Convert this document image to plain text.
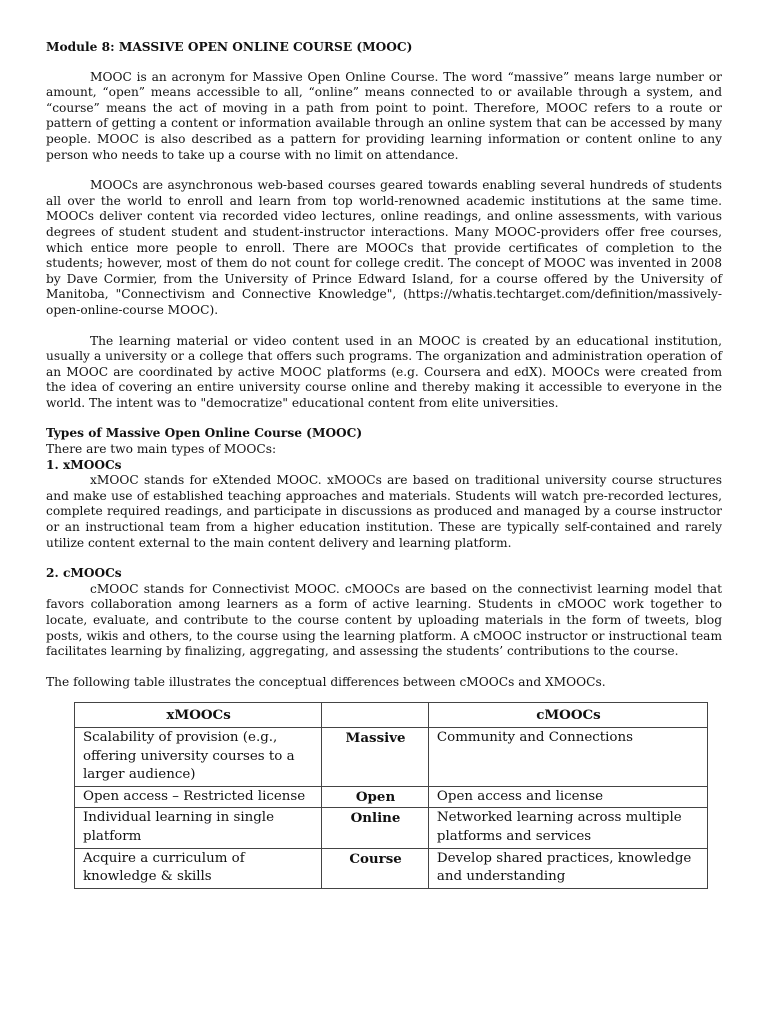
Module 8: MASSIVE OPEN ONLINE COURSE (MOOC)

MOOC is an acronym for Massive Open Online Course. The word “massive” means large number or amount, “open” means accessible to all, “online” means connected to or available through a system, and “course” means the act of moving in a path from point to point. Therefore, MOOC refers to a route or pattern of getting a content or information available through an online system that can be accessed by many people. MOOC is also described as a pattern for providing learning information or content online to any person who needs to take up a course with no limit on attendance.

MOOCs are asynchronous web-based courses geared towards enabling several hundreds of students all over the world to enroll and learn from top world-renowned academic institutions at the same time. MOOCs deliver content via recorded video lectures, online readings, and online assessments, with various degrees of student student and student-instructor interactions. Many MOOC-providers offer free courses, which entice more people to enroll. There are MOOCs that provide certificates of completion to the students; however, most of them do not count for college credit. The concept of MOOC was invented in 2008 by Dave Cormier, from the University of Prince Edward Island, for a course offered by the University of Manitoba, "Connectivism and Connective Knowledge", (https://whatis.techtarget.com/definition/massively-open-online-course MOOC).

The learning material or video content used in an MOOC is created by an educational institution, usually a university or a college that offers such programs. The organization and administration operation of an MOOC are coordinated by active MOOC platforms (e.g. Coursera and edX). MOOCs were created from the idea of covering an entire university course online and thereby making it accessible to everyone in the world. The intent was to "democratize" educational content from elite universities.

Types of Massive Open Online Course (MOOC)

There are two main types of MOOCs:

1. xMOOCs

xMOOC stands for eXtended MOOC. xMOOCs are based on traditional university course structures and make use of established teaching approaches and materials. Students will watch pre-recorded lectures, complete required readings, and participate in discussions as produced and managed by a course instructor or an instructional team from a higher education institution. These are typically self-contained and rarely utilize content external to the main content delivery and learning platform.

2. cMOOCs

cMOOC stands for Connectivist MOOC. cMOOCs are based on the connectivist learning model that favors collaboration among learners as a form of active learning. Students in cMOOC work together to locate, evaluate, and contribute to the course content by uploading materials in the form of tweets, blog posts, wikis and others, to the course using the learning platform. A cMOOC instructor or instructional team facilitates learning by finalizing, aggregating, and assessing the students’ contributions to the course.

The following table illustrates the conceptual differences between cMOOCs and XMOOCs.

xMOOCs		cMOOCs
Scalability of provision (e.g., offering university courses to a larger audience)	Massive	Community and Connections
Open access – Restricted license	Open	Open access and license
Individual learning in single platform	Online	Networked learning across multiple platforms and services
Acquire a curriculum of knowledge & skills	Course	Develop shared practices, knowledge and understanding
